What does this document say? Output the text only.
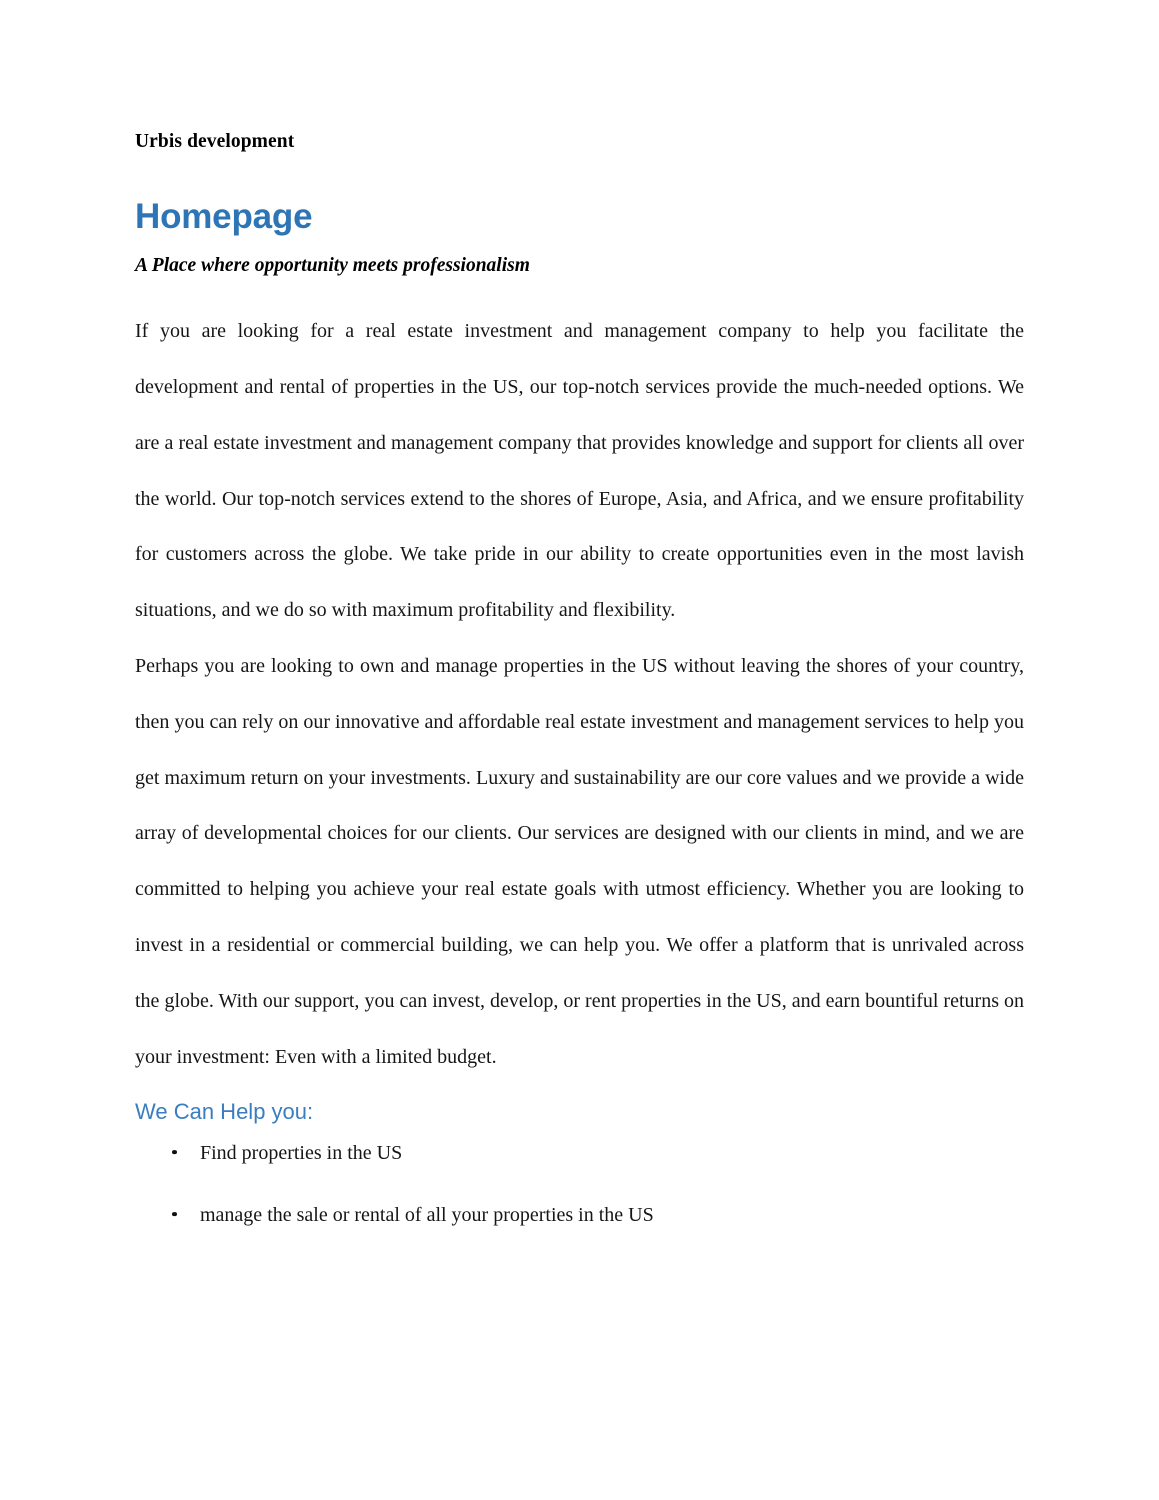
Urbis development

Homepage

A Place where opportunity meets professionalism

If you are looking for a real estate investment and management company to help you facilitate the development and rental of properties in the US, our top-notch services provide the much-needed options. We are a real estate investment and management company that provides knowledge and support for clients all over the world. Our top-notch services extend to the shores of Europe, Asia, and Africa, and we ensure profitability for customers across the globe. We take pride in our ability to create opportunities even in the most lavish situations, and we do so with maximum profitability and flexibility.

Perhaps you are looking to own and manage properties in the US without leaving the shores of your country, then you can rely on our innovative and affordable real estate investment and management services to help you get maximum return on your investments. Luxury and sustainability are our core values and we provide a wide array of developmental choices for our clients. Our services are designed with our clients in mind, and we are committed to helping you achieve your real estate goals with utmost efficiency. Whether you are looking to invest in a residential or commercial building, we can help you. We offer a platform that is unrivaled across the globe. With our support, you can invest, develop, or rent properties in the US, and earn bountiful returns on your investment: Even with a limited budget.

We Can Help you:
Find properties in the US
manage the sale or rental of all your properties in the US
